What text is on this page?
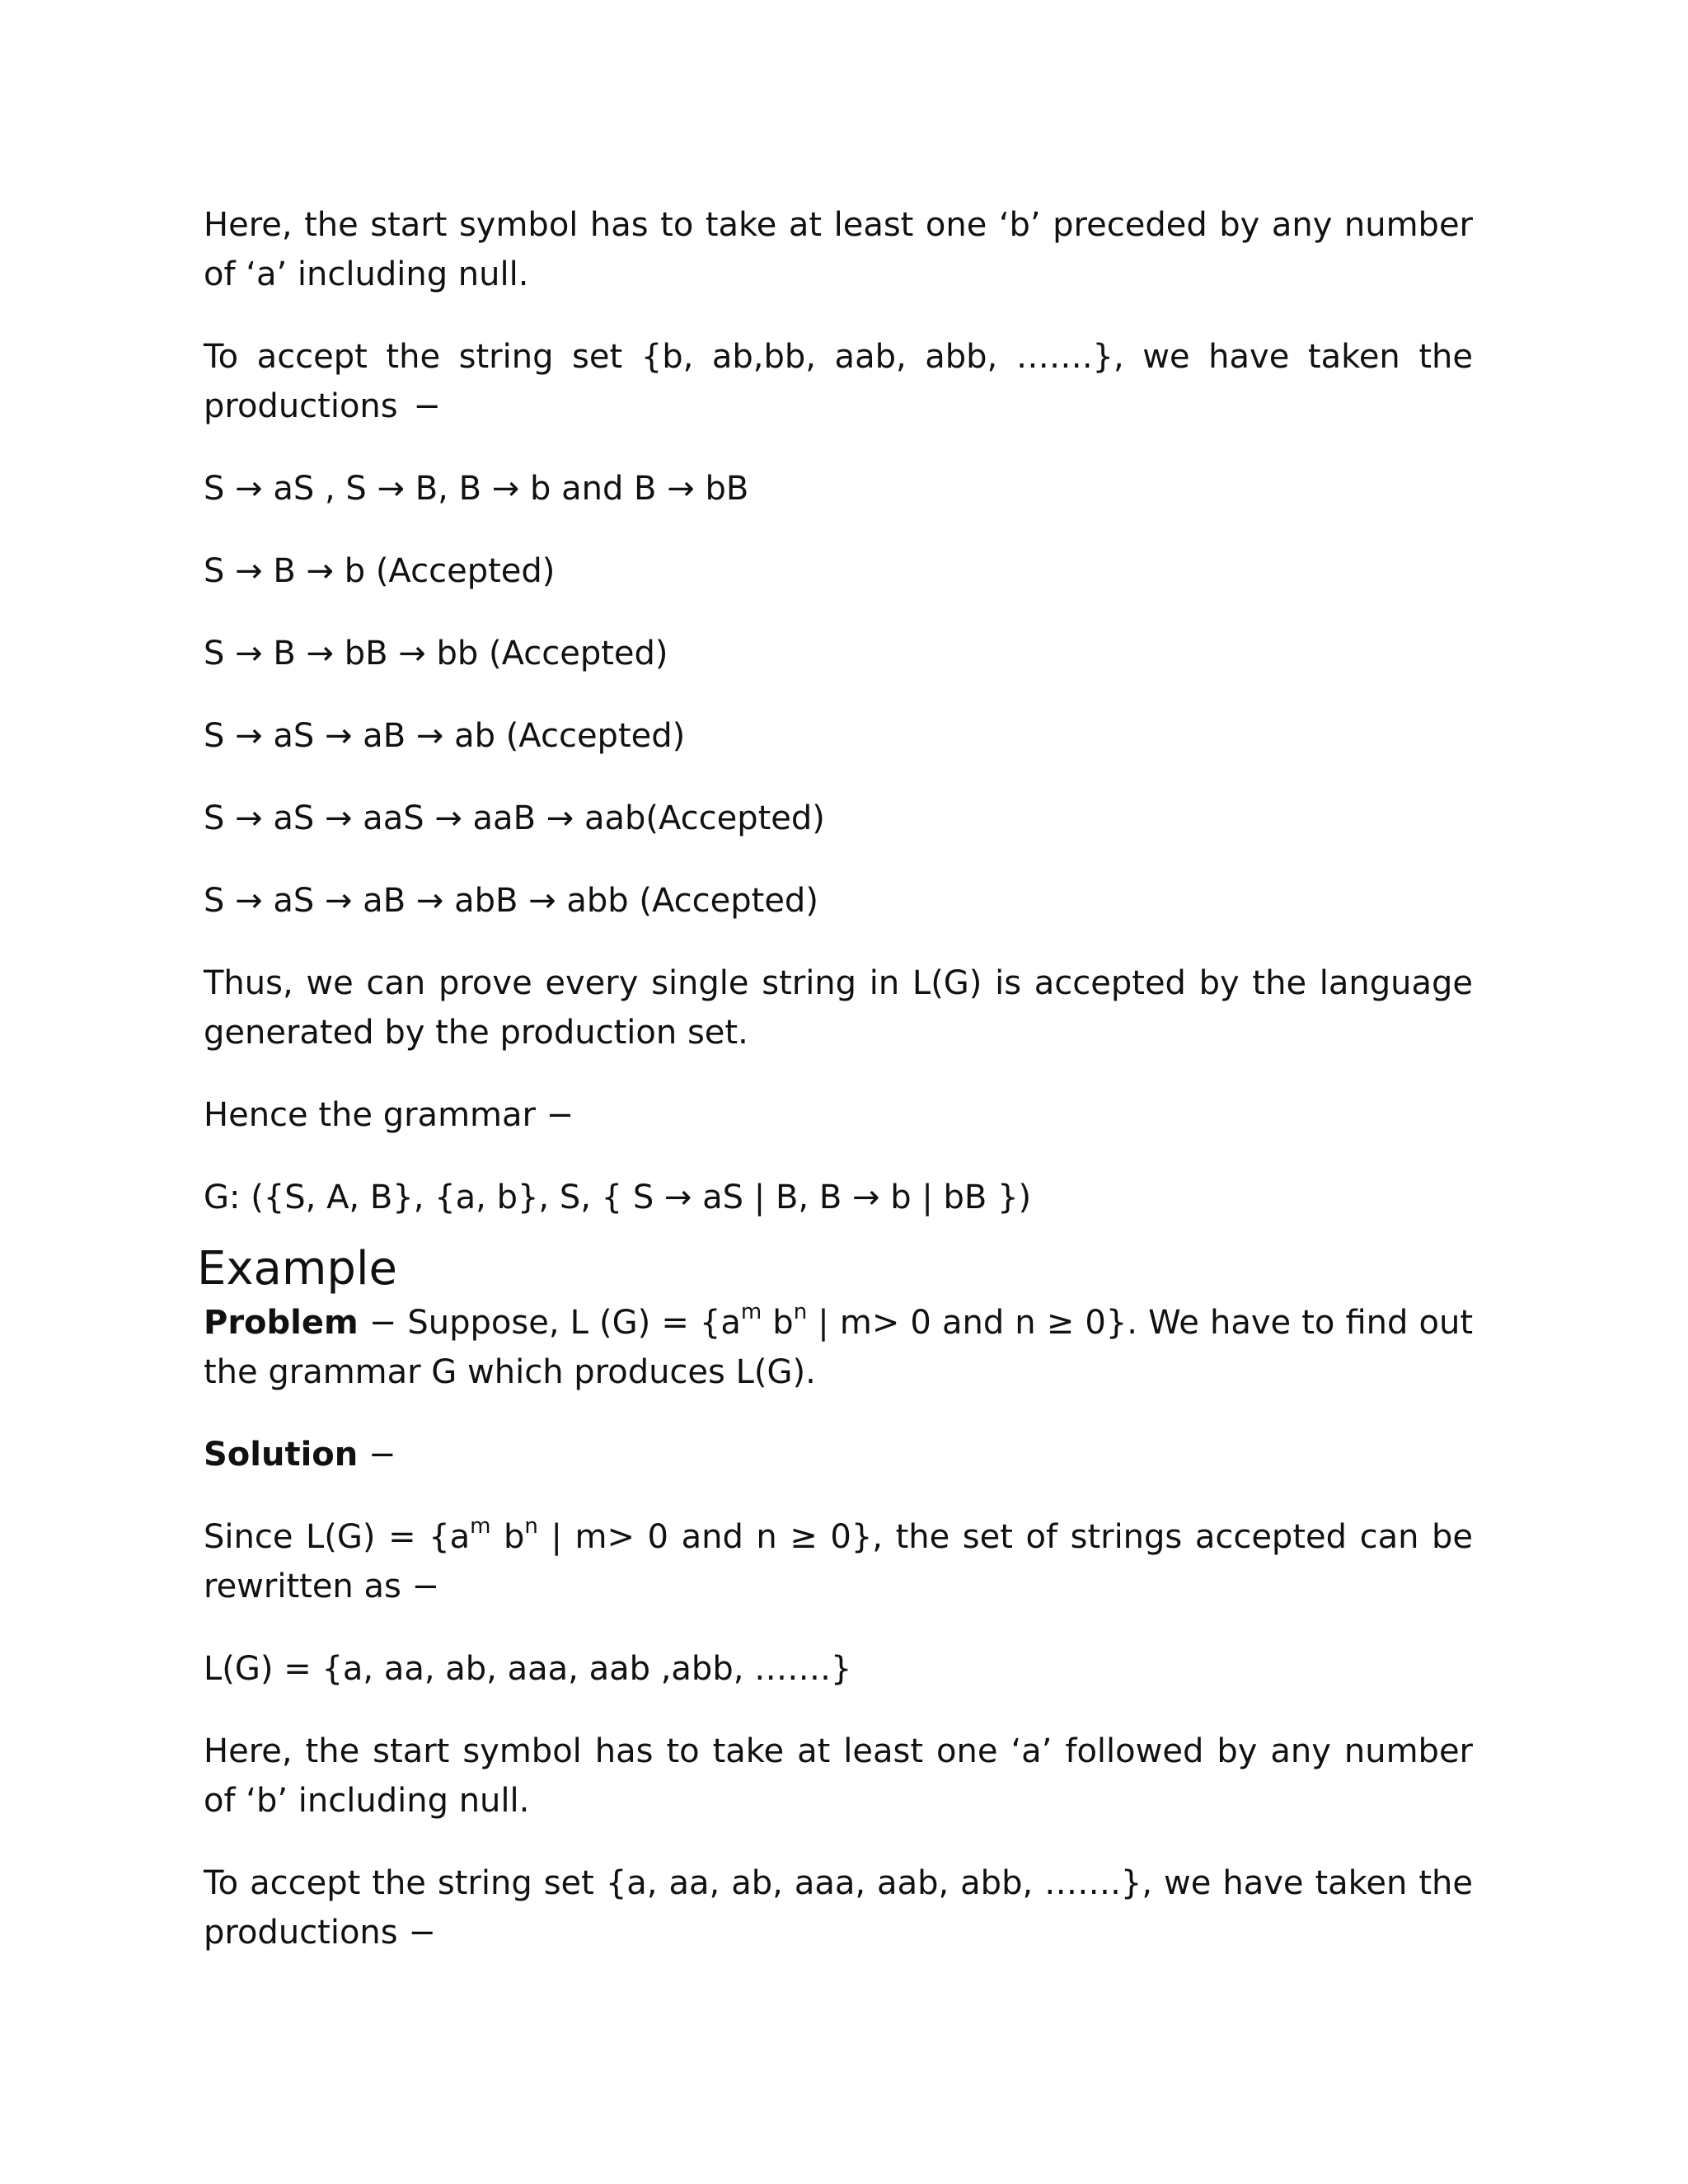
Here, the start symbol has to take at least one ‘b’ preceded by any number of ‘a’ including null.

To accept the string set {b, ab,bb, aab, abb, …….}, we have taken the productions −

S → aS , S → B, B → b and B → bB

S → B → b (Accepted)

S → B → bB → bb (Accepted)

S → aS → aB → ab (Accepted)

S → aS → aaS → aaB → aab(Accepted)

S → aS → aB → abB → abb (Accepted)

Thus, we can prove every single string in L(G) is accepted by the language generated by the production set.

Hence the grammar −

G: ({S, A, B}, {a, b}, S, { S → aS | B, B → b | bB })

Example

Problem − Suppose, L $(G) = \{a^m$ $b^n$ | m> 0 and n ≥ 0}. We have to find out the grammar G which produces L(G).

Solution −

Since $L(G) = \{a^m$ $b^n$ | m> 0 and n ≥ 0}, the set of strings accepted can be rewritten as −

L(G) = {a, aa, ab, aaa, aab ,abb, …….}

Here, the start symbol has to take at least one ‘a’ followed by any number of ‘b’ including null.

To accept the string set {a, aa, ab, aaa, aab, abb, …….}, we have taken the productions −
